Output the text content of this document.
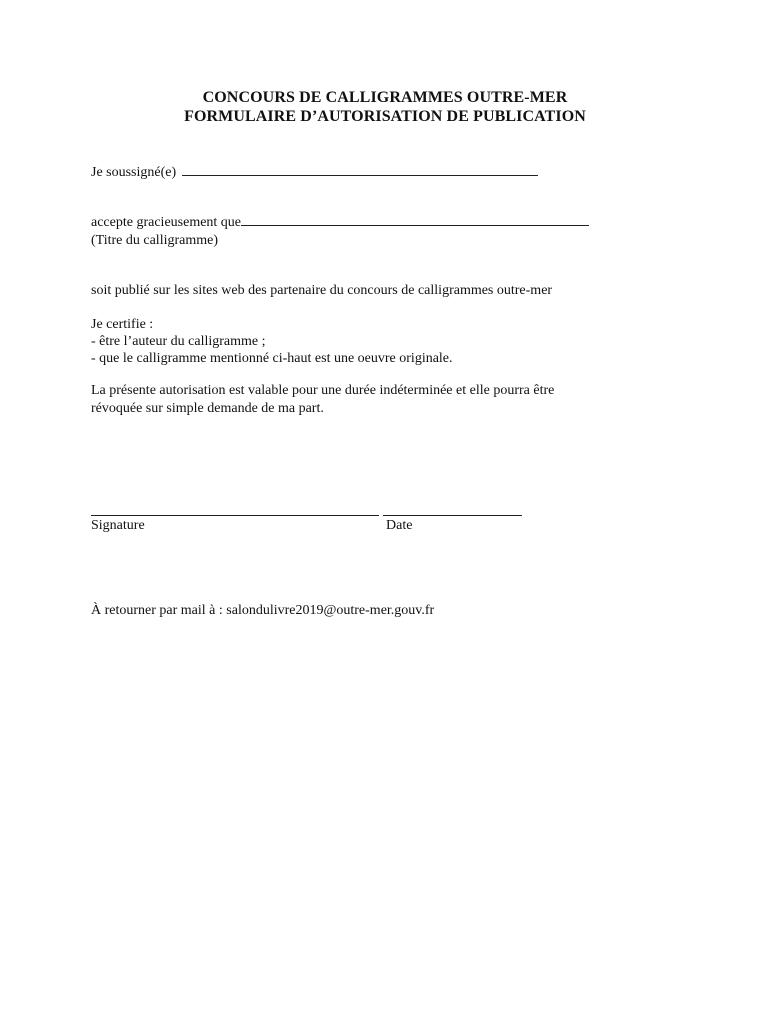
CONCOURS DE CALLIGRAMMES OUTRE-MER
FORMULAIRE D’AUTORISATION DE PUBLICATION
Je soussigné(e)
accepte gracieusement que
(Titre du calligramme)
soit publié sur les sites web des partenaire du concours de calligrammes outre-mer
Je certifie :
- être l’auteur du calligramme ;
- que le calligramme mentionné ci-haut est une oeuvre originale.
La présente autorisation est valable pour une durée indéterminée et elle pourra être
révoquée sur simple demande de ma part.
Signature	Date
À retourner par mail à : salondulivre2019@outre-mer.gouv.fr
